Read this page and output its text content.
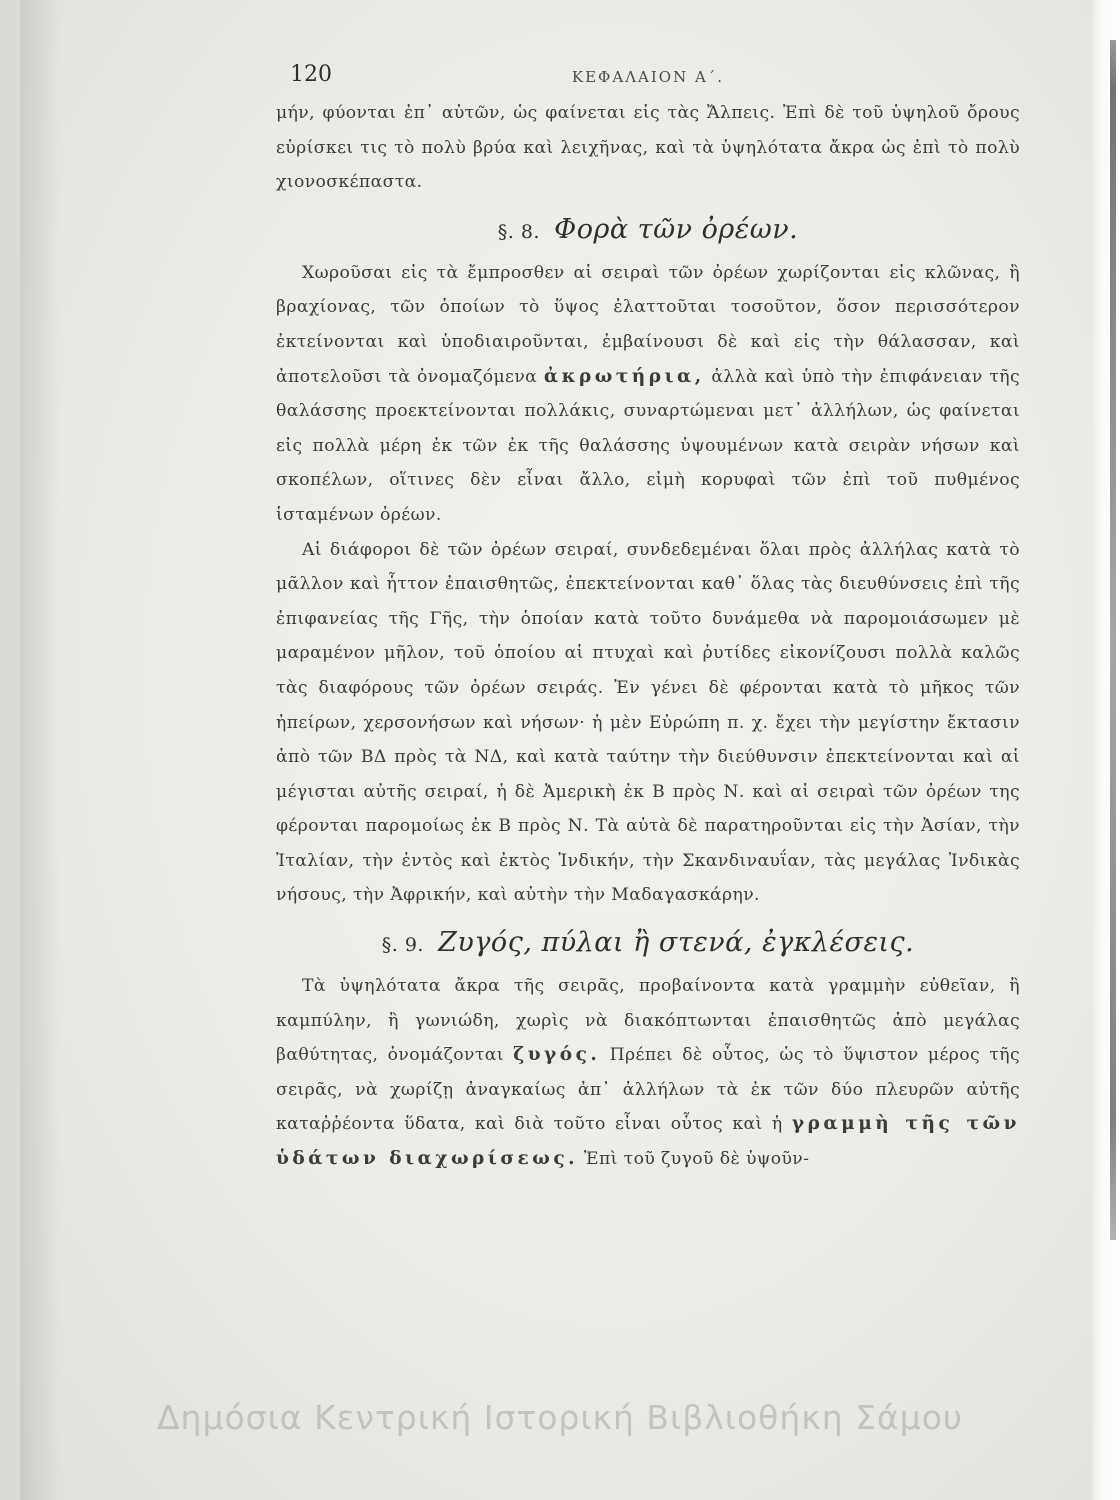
120	ΚΕΦΑΛΑΙΟΝ Α΄.

μήν, φύονται ἐπ᾽ αὐτῶν, ὡς φαίνεται εἰς τὰς Ἄλπεις. Ἐπὶ δὲ τοῦ ὑψηλοῦ ὄρους εὑρίσκει τις τὸ πολὺ βρύα καὶ λειχῆνας, καὶ τὰ ὑψηλότατα ἄκρα ὡς ἐπὶ τὸ πολὺ χιονοσκέπαστα.

§. 8. Φορὰ τῶν ὀρέων.

Χωροῦσαι εἰς τὰ ἔμπροσθεν αἱ σειραὶ τῶν ὀρέων χωρίζονται εἰς κλῶνας, ἢ βραχίονας, τῶν ὁποίων τὸ ὕψος ἐλαττοῦται τοσοῦτον, ὅσον περισσότερον ἐκτείνονται καὶ ὑποδιαιροῦνται, ἐμβαίνουσι δὲ καὶ εἰς τὴν θάλασσαν, καὶ ἀποτελοῦσι τὰ ὀνομαζόμενα ἀκρωτήρια, ἀλλὰ καὶ ὑπὸ τὴν ἐπιφάνειαν τῆς θαλάσσης προεκτείνονται πολλάκις, συναρτώμεναι μετ᾽ ἀλλήλων, ὡς φαίνεται εἰς πολλὰ μέρη ἐκ τῶν ἐκ τῆς θαλάσσης ὑψουμένων κατὰ σειρὰν νήσων καὶ σκοπέλων, οἵτινες δὲν εἶναι ἄλλο, εἰμὴ κορυφαὶ τῶν ἐπὶ τοῦ πυθμένος ἱσταμένων ὀρέων.

Αἱ διάφοροι δὲ τῶν ὀρέων σειραί, συνδεδεμέναι ὅλαι πρὸς ἀλλήλας κατὰ τὸ μᾶλλον καὶ ἧττον ἐπαισθητῶς, ἐπεκτείνονται καθ᾽ ὅλας τὰς διευθύνσεις ἐπὶ τῆς ἐπιφανείας τῆς Γῆς, τὴν ὁποίαν κατὰ τοῦτο δυνάμεθα νὰ παρομοιάσωμεν μὲ μαραμένον μῆλον, τοῦ ὁποίου αἱ πτυχαὶ καὶ ῥυτίδες εἰκονίζουσι πολλὰ καλῶς τὰς διαφόρους τῶν ὀρέων σειράς. Ἐν γένει δὲ φέρονται κατὰ τὸ μῆκος τῶν ἠπείρων, χερσονήσων καὶ νήσων· ἡ μὲν Εὐρώπη π. χ. ἔχει τὴν μεγίστην ἔκτασιν ἀπὸ τῶν ΒΔ πρὸς τὰ ΝΔ, καὶ κατὰ ταύτην τὴν διεύθυνσιν ἐπεκτείνονται καὶ αἱ μέγισται αὐτῆς σειραί, ἡ δὲ Ἀμερικὴ ἐκ Β πρὸς Ν. καὶ αἱ σειραὶ τῶν ὀρέων της φέρονται παρομοίως ἐκ Β πρὸς Ν. Τὰ αὐτὰ δὲ παρατηροῦνται εἰς τὴν Ἀσίαν, τὴν Ἰταλίαν, τὴν ἐντὸς καὶ ἐκτὸς Ἰνδικήν, τὴν Σκανδιναυΐαν, τὰς μεγάλας Ἰνδικὰς νήσους, τὴν Ἀφρικήν, καὶ αὐτὴν τὴν Μαδαγασκάρην.

§. 9. Ζυγός, πύλαι ἢ στενά, ἐγκλέσεις.

Τὰ ὑψηλότατα ἄκρα τῆς σειρᾶς, προβαίνοντα κατὰ γραμμὴν εὐθεῖαν, ἢ καμπύλην, ἢ γωνιώδη, χωρὶς νὰ διακόπτωνται ἐπαισθητῶς ἀπὸ μεγάλας βαθύτητας, ὀνομάζονται ζυγός. Πρέπει δὲ οὗτος, ὡς τὸ ὕψιστον μέρος τῆς σειρᾶς, νὰ χωρίζῃ ἀναγκαίως ἀπ᾽ ἀλλήλων τὰ ἐκ τῶν δύο πλευρῶν αὐτῆς καταῤῥέοντα ὕδατα, καὶ διὰ τοῦτο εἶναι οὗτος καὶ ἡ γραμμὴ τῆς τῶν ὑδάτων διαχωρίσεως. Ἐπὶ τοῦ ζυγοῦ δὲ ὑψοῦν-

Δημόσια Κεντρική Ιστορική Βιβλιοθήκη Σάμου
